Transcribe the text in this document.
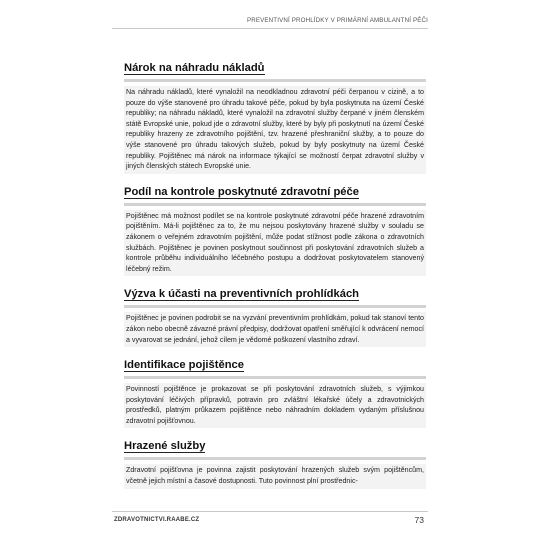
PREVENTIVNÍ PROHLÍDKY V PRIMÁRNÍ AMBULANTNÍ PÉČI
Nárok na náhradu nákladů

Na náhradu nákladů, které vynaložil na neodkladnou zdravotní péči čerpanou v cizině, a to pouze do výše stanovené pro úhradu takové péče, pokud by byla poskytnuta na území České republiky; na náhradu nákladů, které vynaložil na zdravotní služby čerpané v jiném členském státě Evropské unie, pokud jde o zdravotní služby, které by byly při poskytnutí na území České republiky hrazeny ze zdravotního pojištění, tzv. hrazené přeshraniční služby, a to pouze do výše stanovené pro úhradu takových služeb, pokud by byly poskytnuty na území České republiky. Pojištěnec má nárok na informace týkající se možností čerpat zdravotní služby v jiných členských státech Evropské unie.

Podíl na kontrole poskytnuté zdravotní péče

Pojištěnec má možnost podílet se na kontrole poskytnuté zdravotní péče hrazené zdravotním pojištěním. Má-li pojištěnec za to, že mu nejsou poskytovány hrazené služby v souladu se zákonem o veřejném zdravotním pojištění, může podat stížnost podle zákona o zdravotních službách. Pojištěnec je povinen poskytnout součinnost při poskytování zdravotních služeb a kontrole průběhu individuálního léčebného postupu a dodržovat poskytovatelem stanovený léčebný režim.

Výzva k účasti na preventivních prohlídkách

Pojištěnec je povinen podrobit se na vyzvání preventivním prohlídkám, pokud tak stanoví tento zákon nebo obecně závazné právní předpisy, dodržovat opatření směřující k odvrácení nemocí a vyvarovat se jednání, jehož cílem je vědomé poškození vlastního zdraví.

Identifikace pojištěnce

Povinností pojištěnce je prokazovat se při poskytování zdravotních služeb, s výjimkou poskytování léčivých přípravků, potravin pro zvláštní lékařské účely a zdravotnických prostředků, platným průkazem pojištěnce nebo náhradním dokladem vydaným příslušnou zdravotní pojišťovnou.

Hrazené služby

Zdravotní pojišťovna je povinna zajistit poskytování hrazených služeb svým pojištěncům, včetně jejich místní a časové dostupnosti. Tuto povinnost plní prostřednic-

ZDRAVOTNICTVI.RAABE.CZ	73
